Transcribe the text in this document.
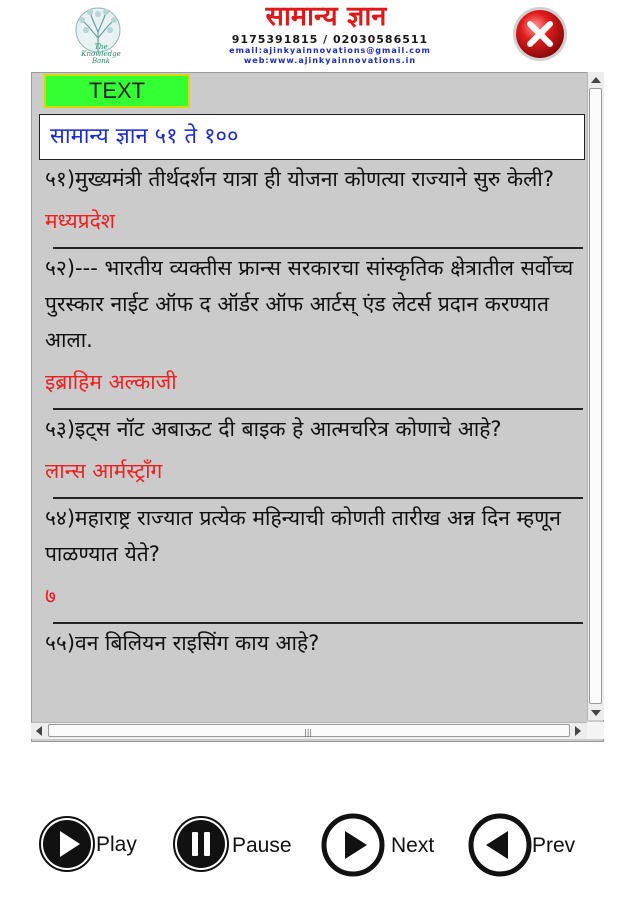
The Knowledge Bank
सामान्य ज्ञान
9175391815 / 02030586511
email:ajinkyainnovations@gmail.com
web:www.ajinkyainnovations.in
TEXT
सामान्य ज्ञान ५१ ते १००
५१)मुख्यमंत्री तीर्थदर्शन यात्रा ही योजना कोणत्या राज्याने सुरु केली?
मध्यप्रदेश
५२)--- भारतीय व्यक्तीस फ्रान्स सरकारचा सांस्कृतिक क्षेत्रातील सर्वोच्च पुरस्कार नाईट ऑफ द ऑर्डर ऑफ आर्टस् एंड लेटर्स प्रदान करण्यात आला.
इब्राहिम अल्काजी
५३)इट्स नॉट अबाऊट दी बाइक हे आत्मचरित्र कोणाचे आहे?
लान्स आर्मस्ट्राँग
५४)महाराष्ट्र राज्यात प्रत्येक महिन्याची कोणती तारीख अन्न दिन म्हणून पाळण्यात येते?
७
५५)वन बिलियन राइसिंग काय आहे?
|||
Play	Pause	Next	Prev
